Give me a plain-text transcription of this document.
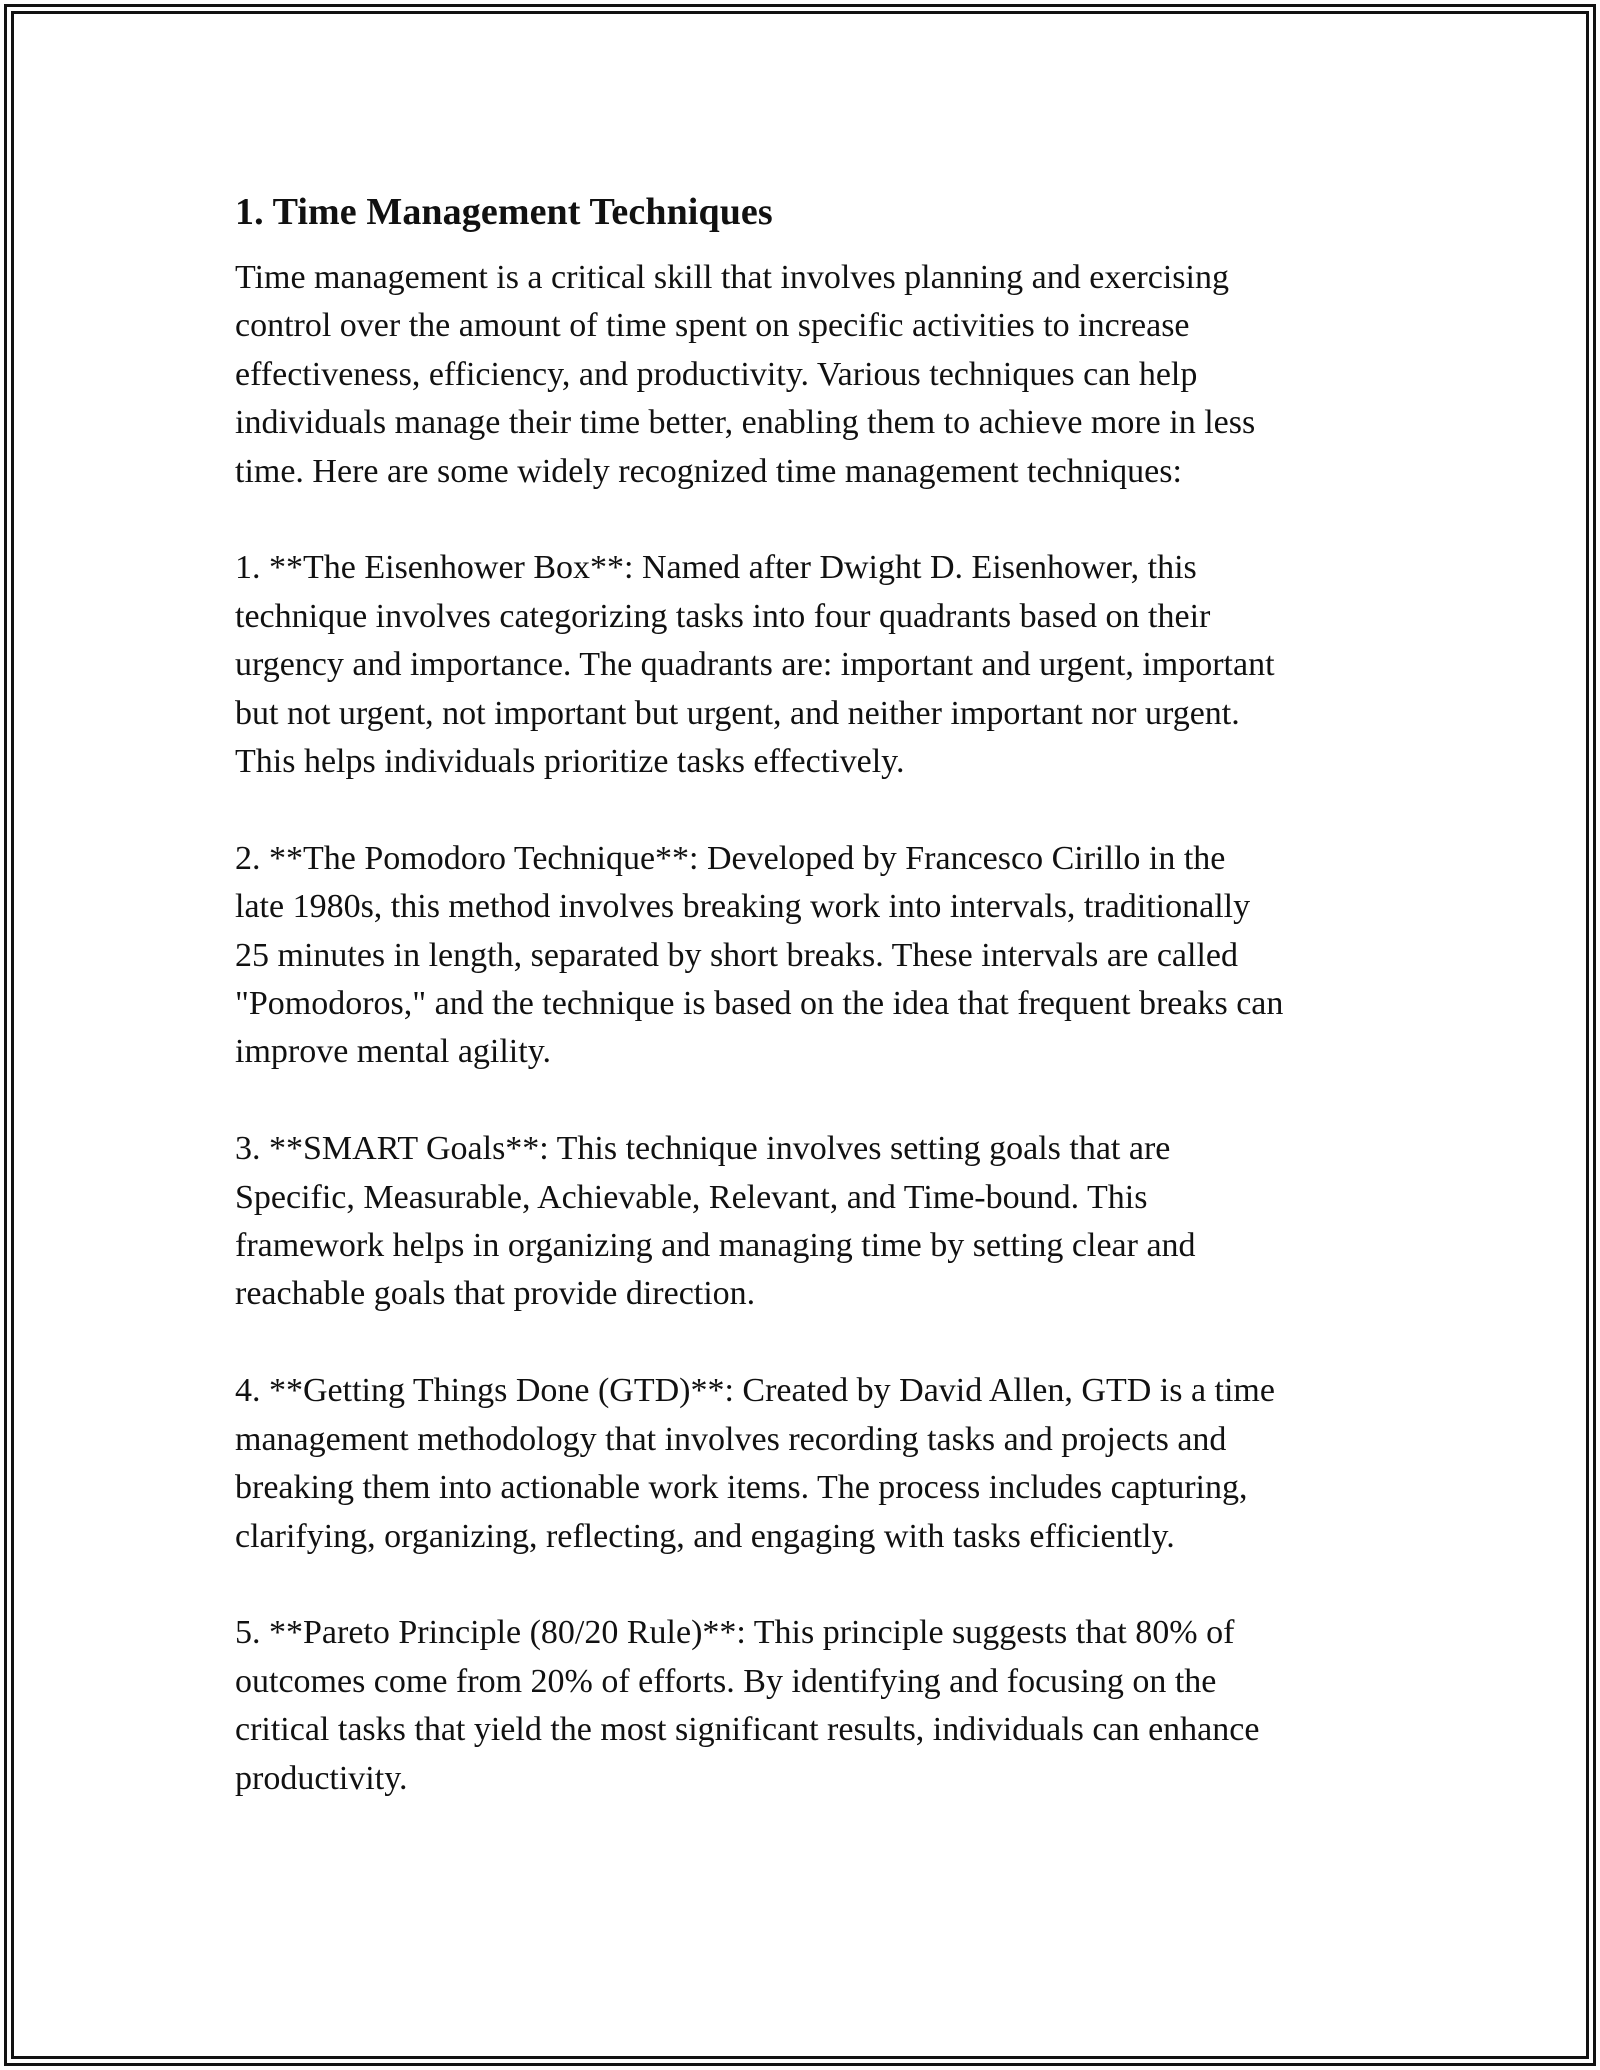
1. Time Management Techniques

Time management is a critical skill that involves planning and exercising
control over the amount of time spent on specific activities to increase
effectiveness, efficiency, and productivity. Various techniques can help
individuals manage their time better, enabling them to achieve more in less
time. Here are some widely recognized time management techniques:

1. **The Eisenhower Box**: Named after Dwight D. Eisenhower, this
technique involves categorizing tasks into four quadrants based on their
urgency and importance. The quadrants are: important and urgent, important
but not urgent, not important but urgent, and neither important nor urgent.
This helps individuals prioritize tasks effectively.

2. **The Pomodoro Technique**: Developed by Francesco Cirillo in the
late 1980s, this method involves breaking work into intervals, traditionally
25 minutes in length, separated by short breaks. These intervals are called
"Pomodoros," and the technique is based on the idea that frequent breaks can
improve mental agility.

3. **SMART Goals**: This technique involves setting goals that are
Specific, Measurable, Achievable, Relevant, and Time-bound. This
framework helps in organizing and managing time by setting clear and
reachable goals that provide direction.

4. **Getting Things Done (GTD)**: Created by David Allen, GTD is a time
management methodology that involves recording tasks and projects and
breaking them into actionable work items. The process includes capturing,
clarifying, organizing, reflecting, and engaging with tasks efficiently.

5. **Pareto Principle (80/20 Rule)**: This principle suggests that 80% of
outcomes come from 20% of efforts. By identifying and focusing on the
critical tasks that yield the most significant results, individuals can enhance
productivity.
